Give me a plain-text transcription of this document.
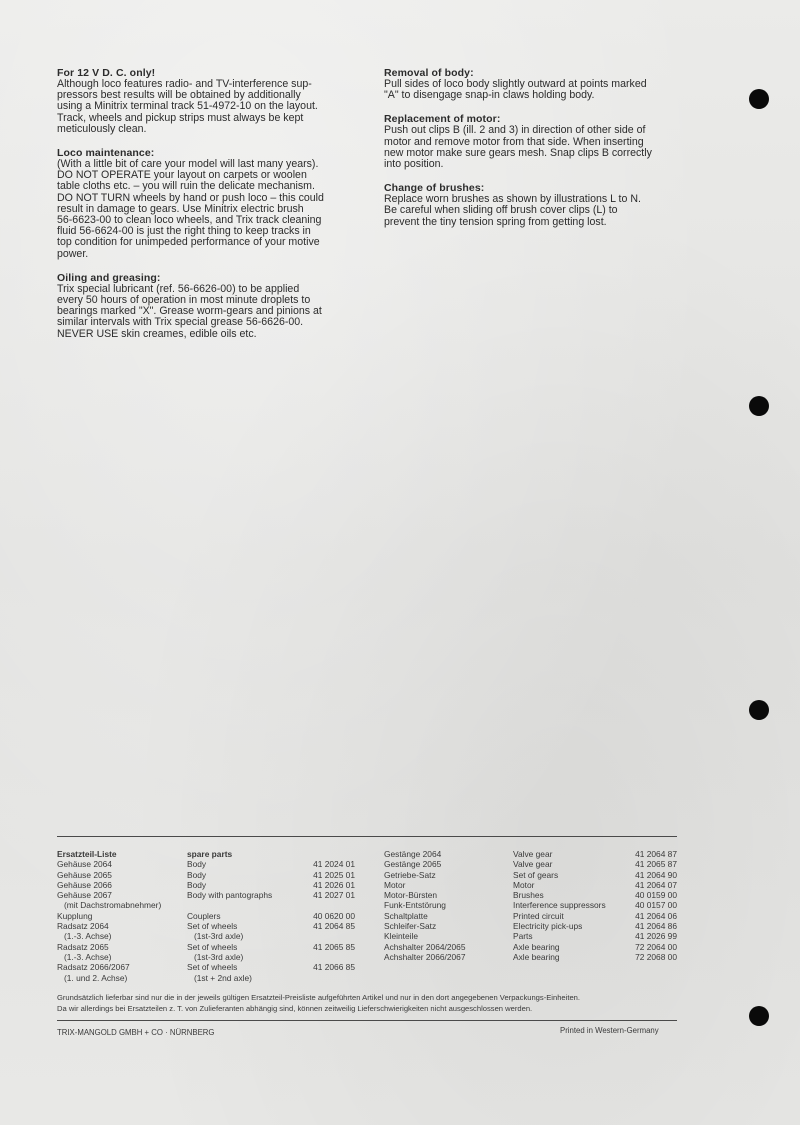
For 12 V D. C. only!

Although loco features radio- and TV-interference sup-
pressors best results will be obtained by additionally
using a Minitrix terminal track 51-4972-10 on the layout.
Track, wheels and pickup strips must always be kept
meticulously clean.

Loco maintenance:

(With a little bit of care your model will last many years).
DO NOT OPERATE your layout on carpets or woolen
table cloths etc. – you will ruin the delicate mechanism.
DO NOT TURN wheels by hand or push loco – this could
result in damage to gears. Use Minitrix electric brush
56-6623-00 to clean loco wheels, and Trix track cleaning
fluid 56-6624-00 is just the right thing to keep tracks in
top condition for unimpeded performance of your motive
power.

Oiling and greasing:

Trix special lubricant (ref. 56-6626-00) to be applied
every 50 hours of operation in most minute droplets to
bearings marked "X". Grease worm-gears and pinions at
similar intervals with Trix special grease 56-6626-00.
NEVER USE skin creames, edible oils etc.

Removal of body:

Pull sides of loco body slightly outward at points marked
"A" to disengage snap-in claws holding body.

Replacement of motor:

Push out clips B (ill. 2 and 3) in direction of other side of
motor and remove motor from that side. When inserting
new motor make sure gears mesh. Snap clips B correctly
into position.

Change of brushes:

Replace worn brushes as shown by illustrations L to N.
Be careful when sliding off brush cover clips (L) to
prevent the tiny tension spring from getting lost.

Ersatzteil-Liste	spare parts
Gehäuse 2064	Body	41 2024 01
Gehäuse 2065	Body	41 2025 01
Gehäuse 2066	Body	41 2026 01
Gehäuse 2067	Body with pantographs	41 2027 01
(mit Dachstromabnehmer)
Kupplung	Couplers	40 0620 00
Radsatz 2064	Set of wheels	41 2064 85
(1.-3. Achse)	(1st-3rd axle)
Radsatz 2065	Set of wheels	41 2065 85
(1.-3. Achse)	(1st-3rd axle)
Radsatz 2066/2067	Set of wheels	41 2066 85
(1. und 2. Achse)	(1st + 2nd axle)
Gestänge 2064	Valve gear	41 2064 87
Gestänge 2065	Valve gear	41 2065 87
Getriebe-Satz	Set of gears	41 2064 90
Motor	Motor	41 2064 07
Motor-Bürsten	Brushes	40 0159 00
Funk-Entstörung	Interference suppressors	40 0157 00
Schaltplatte	Printed circuit	41 2064 06
Schleifer-Satz	Electricity pick-ups	41 2064 86
Kleinteile	Parts	41 2026 99
Achshalter 2064/2065	Axle bearing	72 2064 00
Achshalter 2066/2067	Axle bearing	72 2068 00
Grundsätzlich lieferbar sind nur die in der jeweils gültigen Ersatzteil-Preisliste aufgeführten Artikel und nur in den dort angegebenen Verpackungs-Einheiten.
Da wir allerdings bei Ersatzteilen z. T. von Zulieferanten abhängig sind, können zeitweilig Lieferschwierigkeiten nicht ausgeschlossen werden.
TRIX-MANGOLD GMBH + CO · NÜRNBERG	Printed in Western-Germany
